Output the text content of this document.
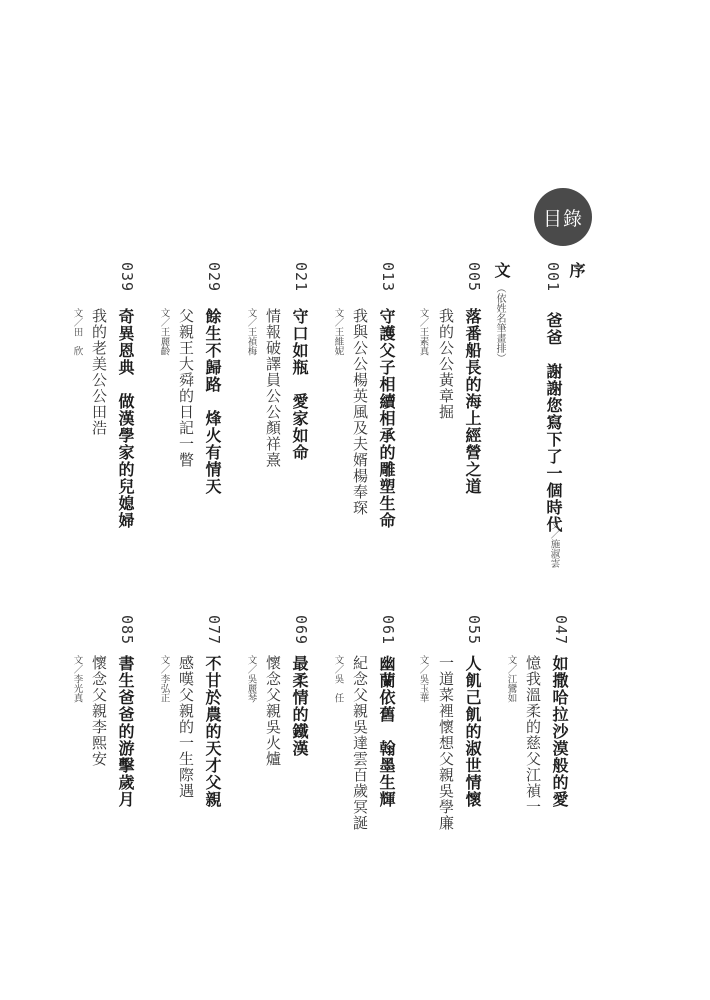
目錄
序
文
（依姓名筆畫排）
001
爸爸　謝謝您寫下了一個時代
文／施淑雲
005
落番船長的海上經營之道
我的公公黃章掘
文／王素真
013
守護父子相續相承的雕塑生命
我與公公楊英風及夫婿楊奉琛
文／王維妮
021
守口如瓶　愛家如命
情報破譯員公公顏祥熹
文／王禎梅
029
餘生不歸路　烽火有情天
父親王大舜的日記一瞥
文／王麗齡
039
奇異恩典　做漢學家的兒媳婦
我的老美公公田浩
文／田　欣
047
如撒哈拉沙漠般的愛
憶我溫柔的慈父江禎一
文／江鸞如
055
人飢己飢的淑世情懷
一道菜裡懷想父親吳學廉
文／吳玉華
061
幽蘭依舊　翰墨生輝
紀念父親吳達雲百歲冥誕
文／吳　任
069
最柔情的鐵漢
懷念父親吳火爐
文／吳麗琴
077
不甘於農的天才父親
感嘆父親的一生際遇
文／李弘正
085
書生爸爸的游擊歲月
懷念父親李熙安
文／李光真
